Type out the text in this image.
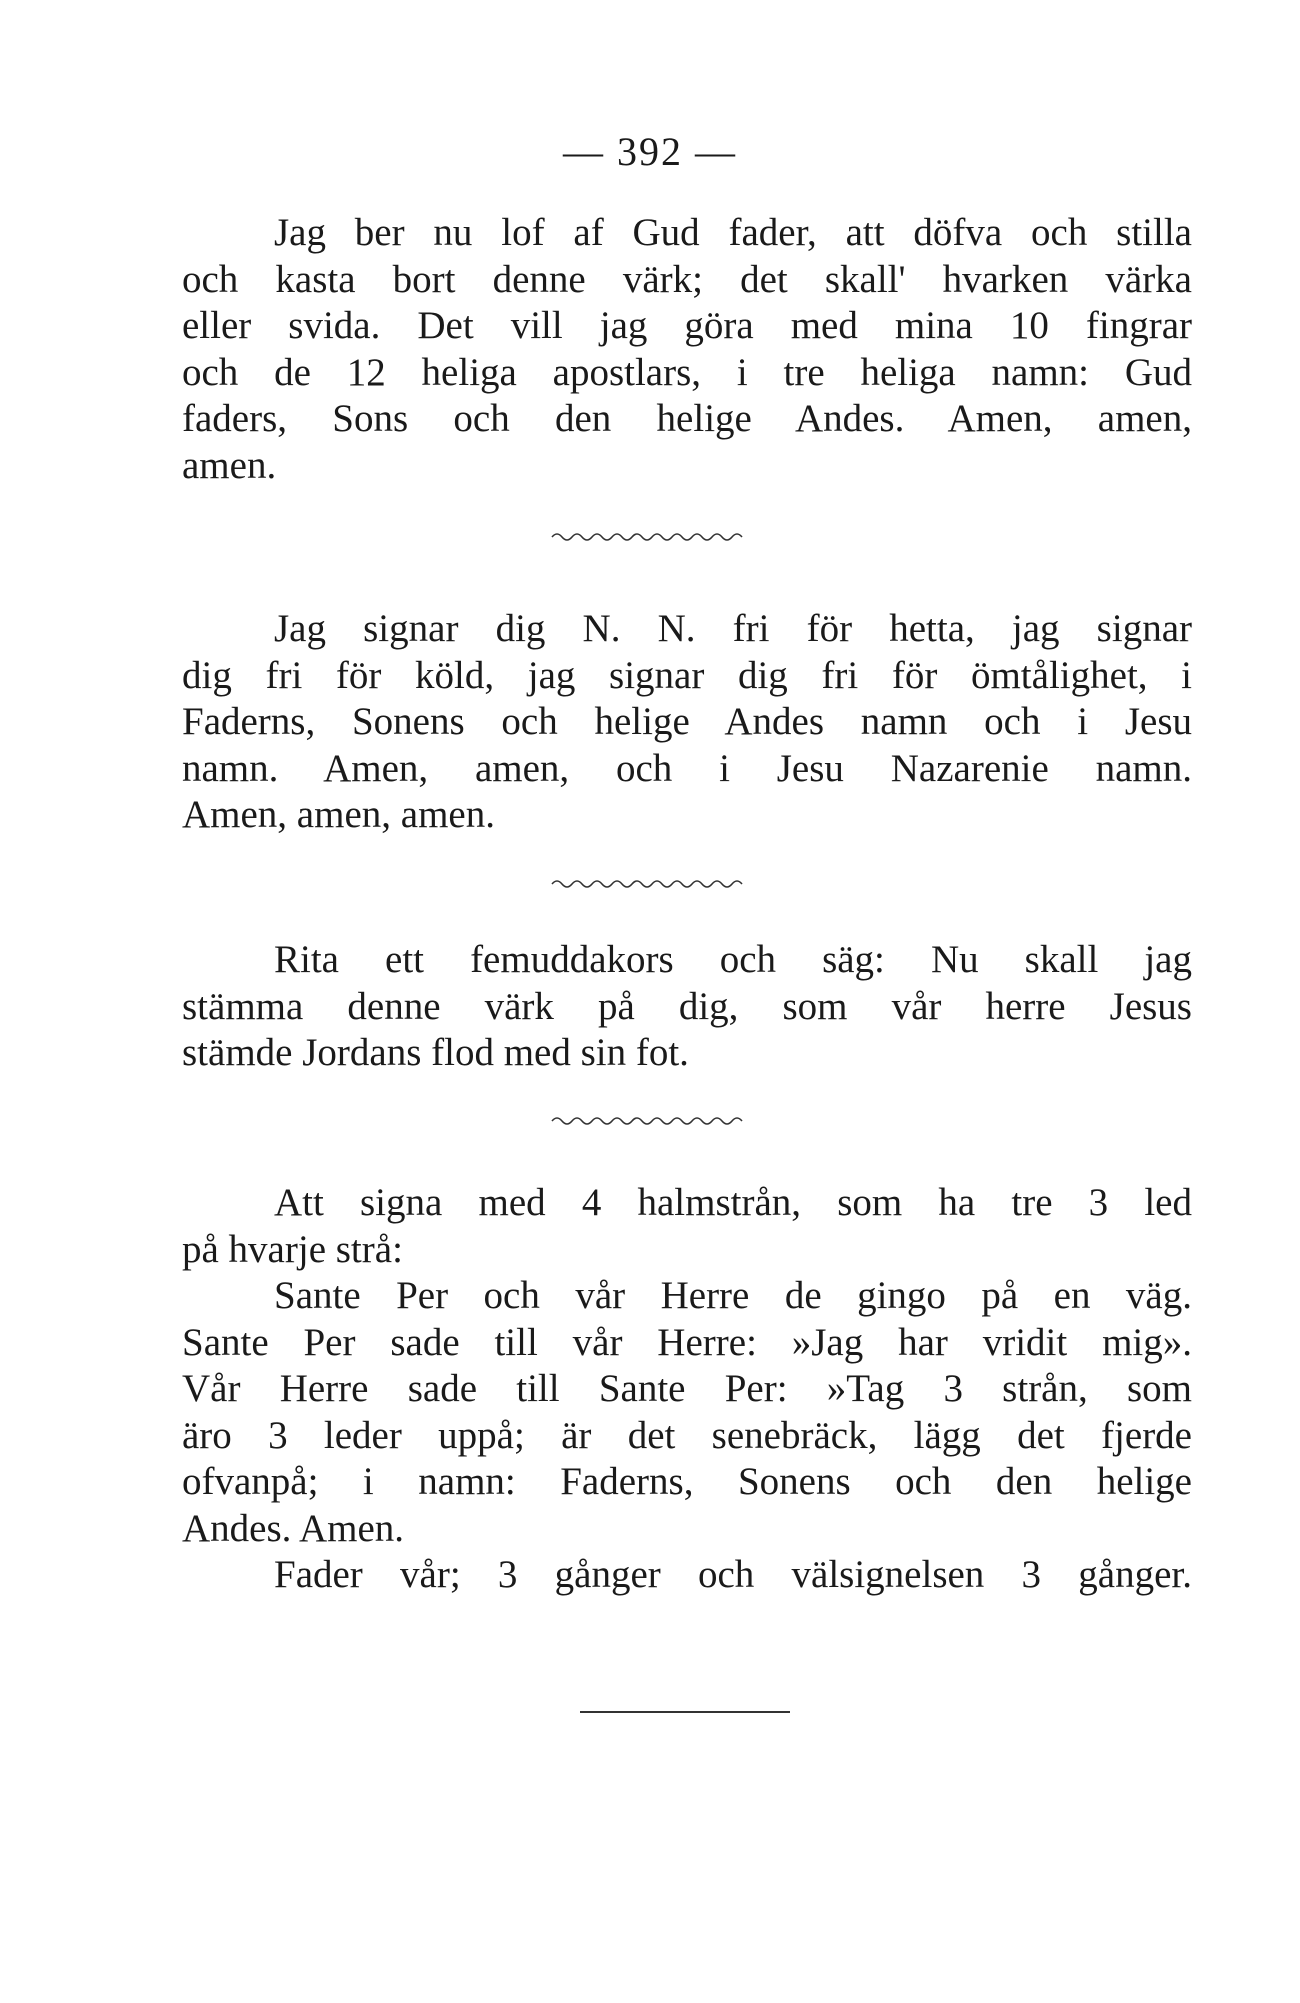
— 392 —
Jag ber nu lof af Gud fader, att döfva och stilla
och kasta bort denne värk; det skall' hvarken värka
eller svida. Det vill jag göra med mina 10 fingrar
och de 12 heliga apostlars, i tre heliga namn: Gud
faders, Sons och den helige Andes. Amen, amen,
amen.
Jag signar dig N. N. fri för hetta, jag signar
dig fri för köld, jag signar dig fri för ömtålighet, i
Faderns, Sonens och helige Andes namn och i Jesu
namn. Amen, amen, och i Jesu Nazarenie namn.
Amen, amen, amen.
Rita ett femuddakors och säg: Nu skall jag
stämma denne värk på dig, som vår herre Jesus
stämde Jordans flod med sin fot.
Att signa med 4 halmstrån, som ha tre 3 led
på hvarje strå:
Sante Per och vår Herre de gingo på en väg.
Sante Per sade till vår Herre: »Jag har vridit mig».
Vår Herre sade till Sante Per: »Tag 3 strån, som
äro 3 leder uppå; är det senebräck, lägg det fjerde
ofvanpå; i namn: Faderns, Sonens och den helige
Andes. Amen.
Fader vår; 3 gånger och välsignelsen 3 gånger.
